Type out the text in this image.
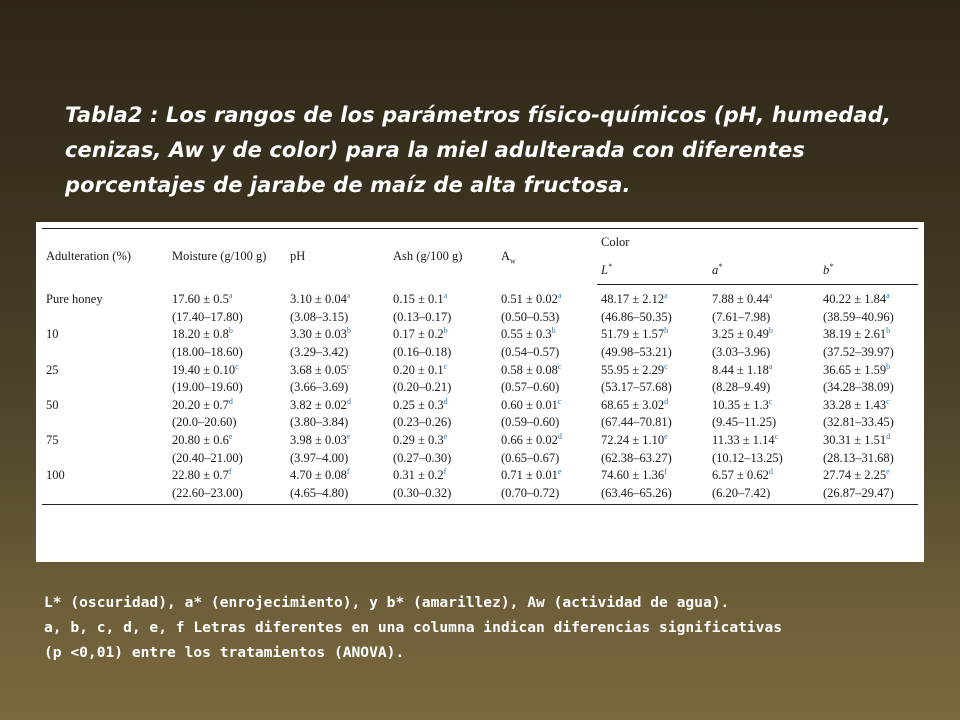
Tabla2 : Los rangos de los parámetros físico-químicos (pH, humedad, cenizas, Aw y de color) para la miel adulterada con diferentes porcentajes de jarabe de maíz de alta fructosa.
Adulteration (%)	Moisture (g/100 g)	pH	Ash (g/100 g)	$A_w$	Color		
					L*	a*	b*
Pure honey	17.60 ± 0.5$^a$	3.10 ± 0.04$^a$	0.15 ± 0.1$^a$	0.51 ± 0.02$^a$	48.17 ± 2.12$^a$	7.88 ± 0.44$^a$	40.22 ± 1.84$^a$
	(17.40–17.80)	(3.08–3.15)	(0.13–0.17)	(0.50–0.53)	(46.86–50.35)	(7.61–7.98)	(38.59–40.96)
10	18.20 ± 0.8$^b$	3.30 ± 0.03$^b$	0.17 ± 0.2$^b$	0.55 ± 0.3$^b$	51.79 ± 1.57$^b$	3.25 ± 0.49$^b$	38.19 ± 2.61$^b$
	(18.00–18.60)	(3.29–3.42)	(0.16–0.18)	(0.54–0.57)	(49.98–53.21)	(3.03–3.96)	(37.52–39.97)
25	19.40 ± 0.10$^c$	3.68 ± 0.05$^c$	0.20 ± 0.1$^c$	0.58 ± 0.08$^c$	55.95 ± 2.29$^c$	8.44 ± 1.18$^a$	36.65 ± 1.59$^b$
	(19.00–19.60)	(3.66–3.69)	(0.20–0.21)	(0.57–0.60)	(53.17–57.68)	(8.28–9.49)	(34.28–38.09)
50	20.20 ± 0.7$^d$	3.82 ± 0.02$^d$	0.25 ± 0.3$^d$	0.60 ± 0.01$^c$	68.65 ± 3.02$^d$	10.35 ± 1.3$^c$	33.28 ± 1.43$^c$
	(20.0–20.60)	(3.80–3.84)	(0.23–0.26)	(0.59–0.60)	(67.44–70.81)	(9.45–11.25)	(32.81–33.45)
75	20.80 ± 0.6$^e$	3.98 ± 0.03$^e$	0.29 ± 0.3$^e$	0.66 ± 0.02$^d$	72.24 ± 1.10$^e$	11.33 ± 1.14$^c$	30.31 ± 1.51$^d$
	(20.40–21.00)	(3.97–4.00)	(0.27–0.30)	(0.65–0.67)	(62.38–63.27)	(10.12–13.25)	(28.13–31.68)
100	22.80 ± 0.7$^f$	4.70 ± 0.08$^f$	0.31 ± 0.2$^f$	0.71 ± 0.01$^e$	74.60 ± 1.36$^f$	6.57 ± 0.62$^d$	27.74 ± 2.25$^e$
	(22.60–23.00)	(4.65–4.80)	(0.30–0.32)	(0.70–0.72)	(63.46–65.26)	(6.20–7.42)	(26.87–29.47)
L* (oscuridad), a* (enrojecimiento), y b* (amarillez), Aw (actividad de agua).
a, b, c, d, e, f Letras diferentes en una columna indican diferencias significativas
(p <0,01) entre los tratamientos (ANOVA).
